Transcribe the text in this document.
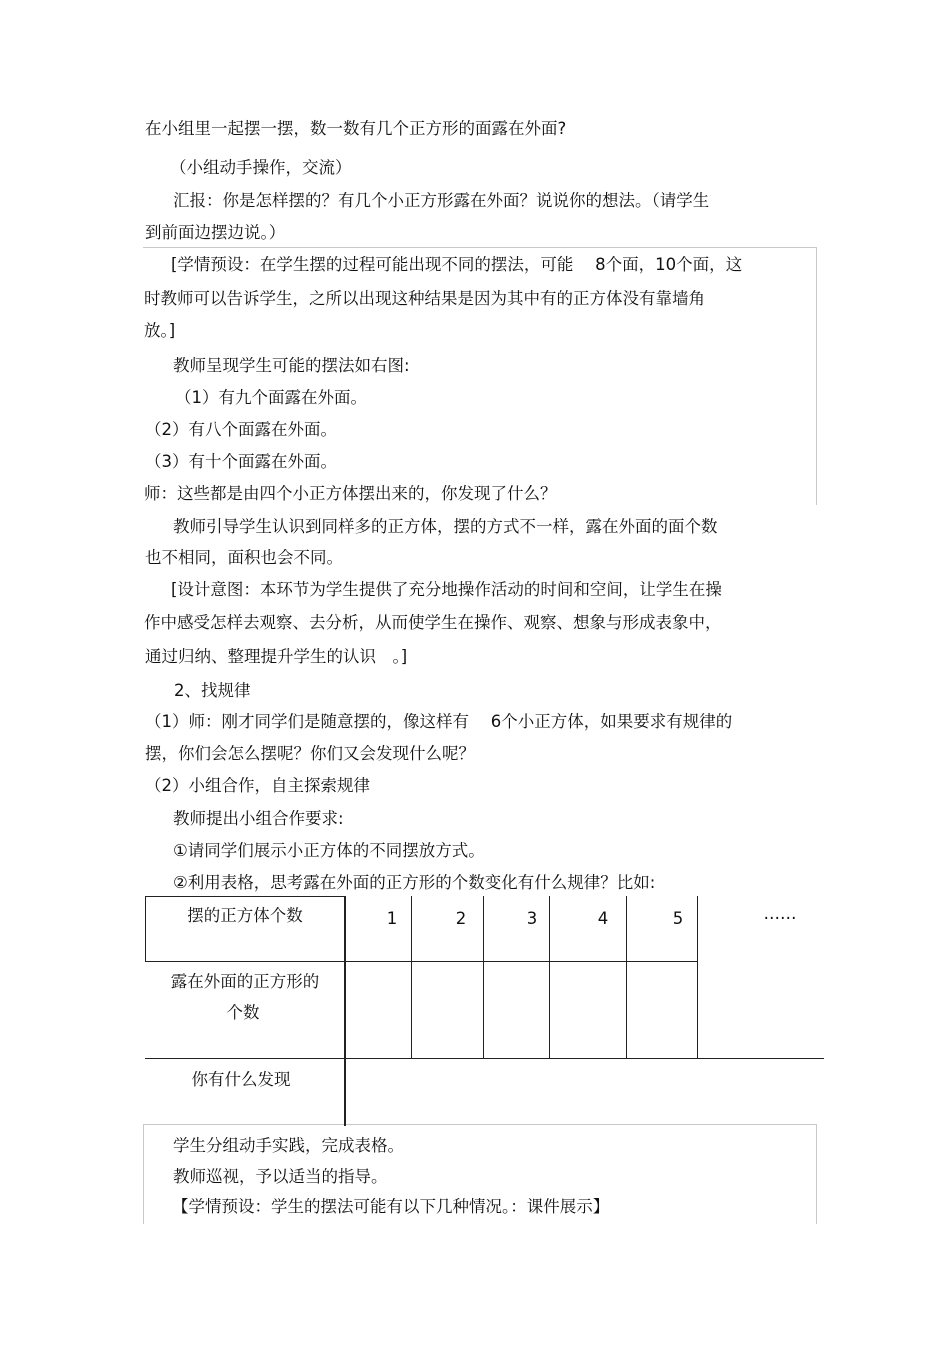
在小组里一起摆一摆，数一数有几个正方形的面露在外面?
（小组动手操作，交流）
汇报：你是怎样摆的？有几个小正方形露在外面？说说你的想法。（请学生
到前面边摆边说。）
[学情预设：在学生摆的过程可能出现不同的摆法，可能　 8个面，10个面，这
时教师可以告诉学生，之所以出现这种结果是因为其中有的正方体没有靠墙角
放。]
教师呈现学生可能的摆法如右图:
（1）有九个面露在外面。
（2）有八个面露在外面。
（3）有十个面露在外面。
师：这些都是由四个小正方体摆出来的，你发现了什么？
教师引导学生认识到同样多的正方体，摆的方式不一样，露在外面的面个数
也不相同，面积也会不同。
[设计意图：本环节为学生提供了充分地操作活动的时间和空间，让学生在操
作中感受怎样去观察、去分析，从而使学生在操作、观察、想象与形成表象中，
通过归纳、整理提升学生的认识　。]
2、找规律
（1）师：刚才同学们是随意摆的，像这样有　 6个小正方体，如果要求有规律的
摆，你们会怎么摆呢？你们又会发现什么呢？
（2）小组合作，自主探索规律
教师提出小组合作要求:
①请同学们展示小正方体的不同摆放方式。
②利用表格，思考露在外面的正方形的个数变化有什么规律？比如:
摆的正方体个数	1	2	3	4	5	……
露在外面的正方形的
个数
你有什么发现
学生分组动手实践，完成表格。
教师巡视，予以适当的指导。
【学情预设：学生的摆法可能有以下几种情况。：课件展示】
